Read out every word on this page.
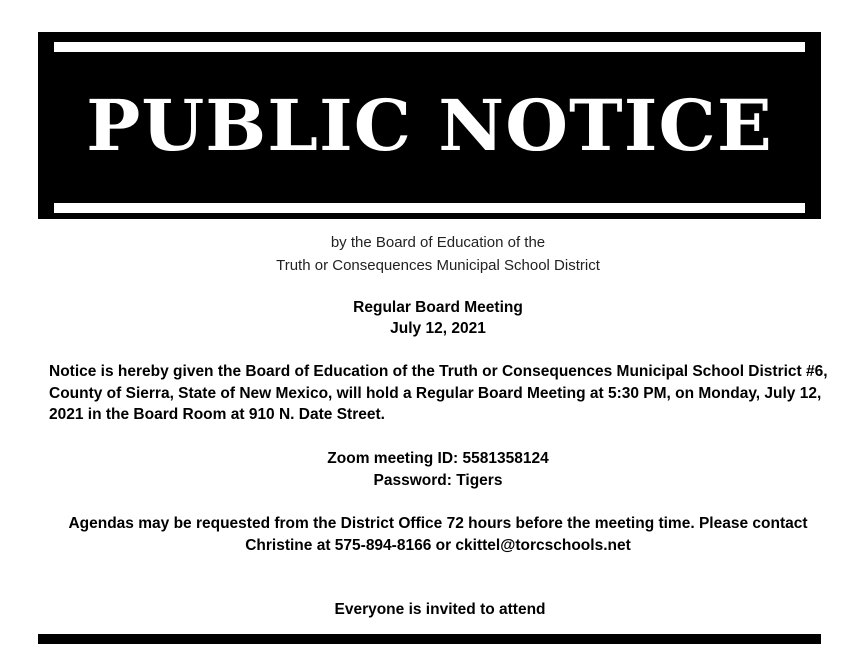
PUBLIC NOTICE
by the Board of Education of the
Truth or Consequences Municipal School District
Regular Board Meeting
July 12, 2021
Notice is hereby given the Board of Education of the Truth or Consequences Municipal School District #6, County of Sierra, State of New Mexico, will hold a Regular Board Meeting at 5:30 PM, on Monday, July 12, 2021 in the Board Room at 910 N. Date Street.
Zoom meeting ID: 5581358124
Password: Tigers
Agendas may be requested from the District Office 72 hours before the meeting time. Please contact Christine at 575-894-8166 or ckittel@torcschools.net
Everyone is invited to attend
